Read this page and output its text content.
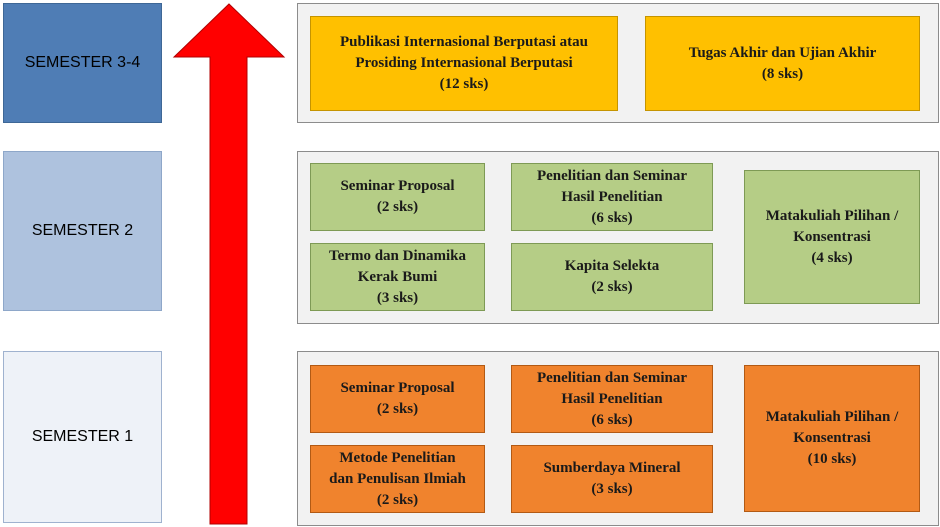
SEMESTER 3-4
SEMESTER 2
SEMESTER 1
Publikasi Internasional Berputasi atau
Prosiding Internasional Berputasi
(12 sks)
Tugas Akhir dan Ujian Akhir
(8 sks)
Seminar Proposal
(2 sks)
Penelitian dan Seminar
Hasil Penelitian
(6 sks)
Termo dan Dinamika
Kerak Bumi
(3 sks)
Kapita Selekta
(2 sks)
Matakuliah Pilihan /
Konsentrasi
(4 sks)
Seminar Proposal
(2 sks)
Penelitian dan Seminar
Hasil Penelitian
(6 sks)
Metode Penelitian
dan Penulisan Ilmiah
(2 sks)
Sumberdaya Mineral
(3 sks)
Matakuliah Pilihan /
Konsentrasi
(10 sks)
